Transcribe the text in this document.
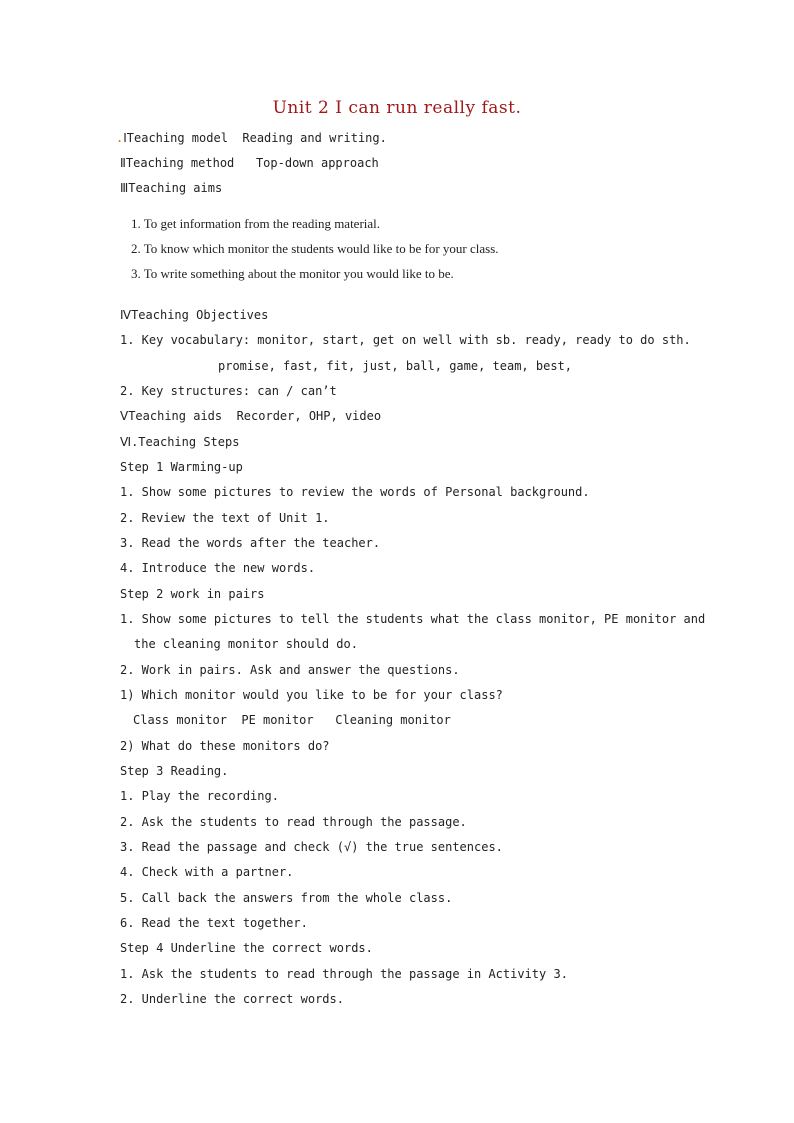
Unit 2 I can run really fast.
.ⅠTeaching model  Reading and writing.
ⅡTeaching method   Top-down approach
ⅢTeaching aims
1. To get information from the reading material.
2. To know which monitor the students would like to be for your class.
3. To write something about the monitor you would like to be.
ⅣTeaching Objectives
1. Key vocabulary: monitor, start, get on well with sb. ready, ready to do sth.
promise, fast, fit, just, ball, game, team, best,
2. Key structures: can / can’t
ⅤTeaching aids  Recorder, OHP, video
Ⅵ.Teaching Steps
Step 1 Warming-up
1. Show some pictures to review the words of Personal background.
2. Review the text of Unit 1.
3. Read the words after the teacher.
4. Introduce the new words.
Step 2 work in pairs
1. Show some pictures to tell the students what the class monitor, PE monitor and
the cleaning monitor should do.
2. Work in pairs. Ask and answer the questions.
1) Which monitor would you like to be for your class?
Class monitor  PE monitor   Cleaning monitor
2) What do these monitors do?
Step 3 Reading.
1. Play the recording.
2. Ask the students to read through the passage.
3. Read the passage and check (√) the true sentences.
4. Check with a partner.
5. Call back the answers from the whole class.
6. Read the text together.
Step 4 Underline the correct words.
1. Ask the students to read through the passage in Activity 3.
2. Underline the correct words.
